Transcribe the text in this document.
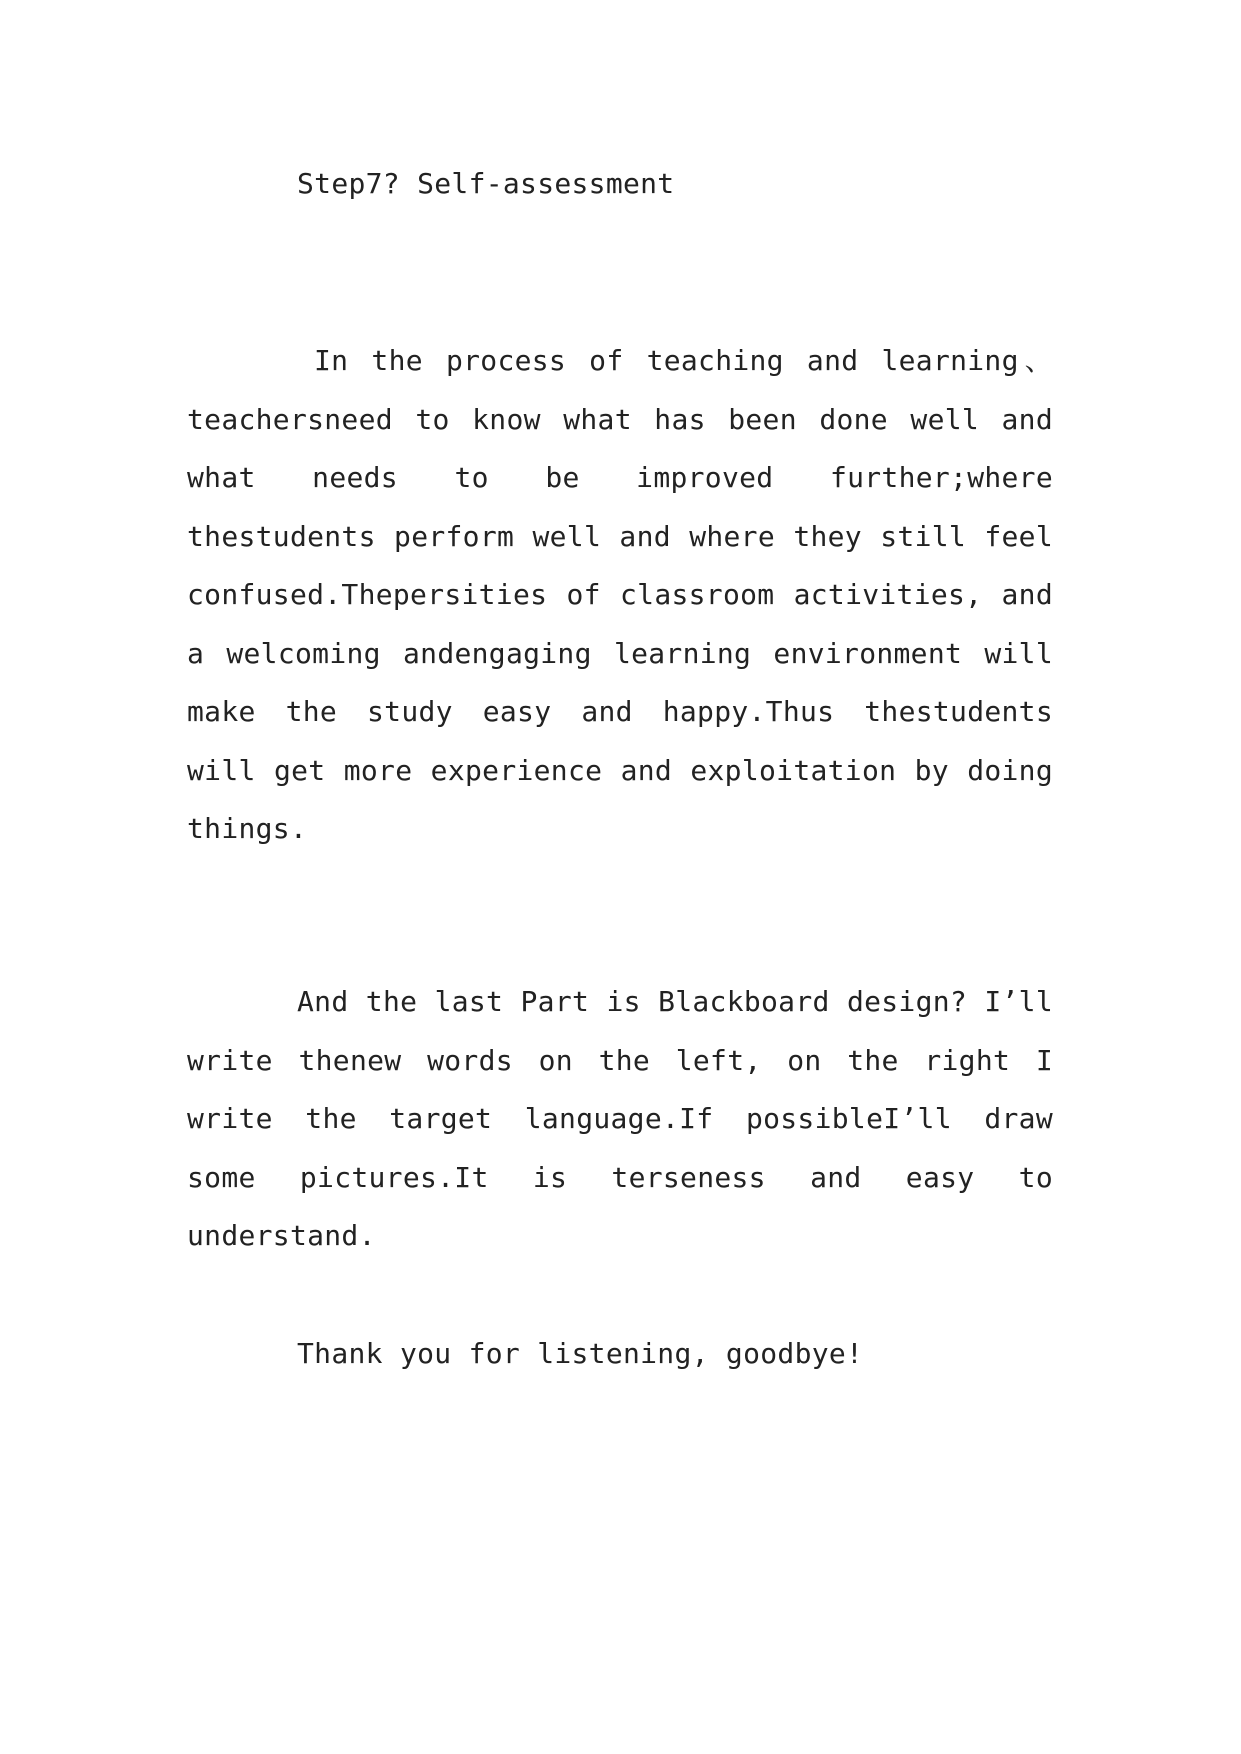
Step7? Self-assessment
In the process of teaching and learning、teachersneed to know what has been done well and what needs to be improved further;where thestudents perform well and where they still feel confused.Thepersities of classroom activities, and a welcoming andengaging learning environment will make the study easy and happy.Thus thestudents will get more experience and exploitation by doing things.
And the last Part is Blackboard design? I’ll write thenew words on the left, on the right I write the target language.If possibleI’ll draw some pictures.It is terseness and easy to understand.
Thank you for listening, goodbye!
